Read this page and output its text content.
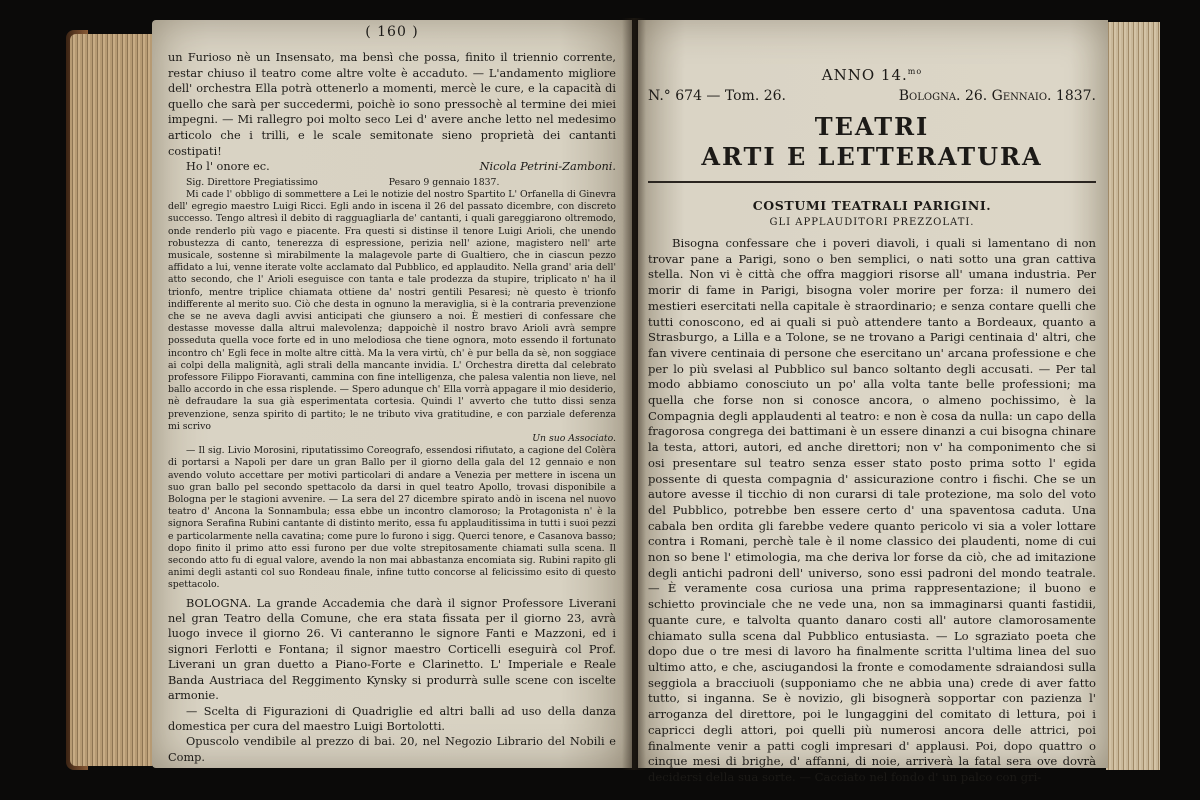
( 160 )

un Furioso nè un Insensato, ma bensì che possa, finito il triennio corrente, restar chiuso il teatro come altre volte è accaduto. — L'andamento migliore dell' orchestra Ella potrà ottenerlo a momenti, mercè le cure, e la capacità di quello che sarà per succedermi, poichè io sono pressochè al termine dei miei impegni. — Mi rallegro poi molto seco Lei d' avere anche letto nel medesimo articolo che i trilli, e le scale semitonate sieno proprietà dei cantanti costipati!

Ho l' onore ec.	Nicola Petrini-Zamboni.

Sig. Direttore Pregiatissimo                        Pesaro 9 gennaio 1837.

Mi cade l' obbligo di sommettere a Lei le notizie del nostro Spartito L' Orfanella di Ginevra dell' egregio maestro Luigi Ricci. Egli ando in iscena il 26 del passato dicembre, con discreto successo. Tengo altresì il debito di ragguagliarla de' cantanti, i quali gareggiarono oltremodo, onde renderlo più vago e piacente. Fra questi si distinse il tenore Luigi Arioli, che unendo robustezza di canto, tenerezza di espressione, perizia nell' azione, magistero nell' arte musicale, sostenne sì mirabilmente la malagevole parte di Gualtiero, che in ciascun pezzo affidato a lui, venne iterate volte acclamato dal Pubblico, ed applaudito. Nella grand' aria dell' atto secondo, che l' Arioli eseguisce con tanta e tale prodezza da stupire, triplicato n' ha il trionfo, mentre triplice chiamata ottiene da' nostri gentili Pesaresi; nè questo è trionfo indifferente al merito suo. Ciò che desta in ognuno la meraviglia, si è la contraria prevenzione che se ne aveva dagli avvisi anticipati che giunsero a noi. È mestieri di confessare che destasse movesse dalla altrui malevolenza; dappoichè il nostro bravo Arioli avrà sempre posseduta quella voce forte ed in uno melodiosa che tiene ognora, moto essendo il fortunato incontro ch' Egli fece in molte altre città. Ma la vera virtù, ch' è pur bella da sè, non soggiace ai colpi della malignità, agli strali della mancante invidia. L' Orchestra diretta dal celebrato professore Filippo Fioravanti, cammina con fine intelligenza, che palesa valentia non lieve, nel ballo accordo in che essa risplende. — Spero adunque ch' Ella vorrà appagare il mio desiderio, nè defraudare la sua già esperimentata cortesia. Quindi l' avverto che tutto dissi senza prevenzione, senza spirito di partito; le ne tributo viva gratitudine, e con parziale deferenza mi scrivo

Un suo Associato.

— Il sig. Livio Morosini, riputatissimo Coreografo, essendosi rifiutato, a cagione del Colèra di portarsi a Napoli per dare un gran Ballo per il giorno della gala del 12 gennaio e non avendo voluto accettare per motivi particolari di andare a Venezia per mettere in iscena un suo gran ballo pel secondo spettacolo da darsi in quel teatro Apollo, trovasi disponibile a Bologna per le stagioni avvenire. — La sera del 27 dicembre spirato andò in iscena nel nuovo teatro d' Ancona la Sonnambula; essa ebbe un incontro clamoroso; la Protagonista n' è la signora Serafina Rubini cantante di distinto merito, essa fu applauditissima in tutti i suoi pezzi e particolarmente nella cavatina; come pure lo furono i sigg. Querci tenore, e Casanova basso; dopo finito il primo atto essi furono per due volte strepitosamente chiamati sulla scena. Il secondo atto fu di egual valore, avendo la non mai abbastanza encomiata sig. Rubini rapito gli animi degli astanti col suo Rondeau finale, infine tutto concorse al felicissimo esito di questo spettacolo.

BOLOGNA. La grande Accademia che darà il signor Professore Liverani nel gran Teatro della Comune, che era stata fissata per il giorno 23, avrà luogo invece il giorno 26. Vi canteranno le signore Fanti e Mazzoni, ed i signori Ferlotti e Fontana; il signor maestro Corticelli eseguirà col Prof. Liverani un gran duetto a Piano-Forte e Clarinetto. L' Imperiale e Reale Banda Austriaca del Reggimento Kynsky si produrrà sulle scene con iscelte armonie.

— Scelta di Figurazioni di Quadriglie ed altri balli ad uso della danza domestica per cura del maestro Luigi Bortolotti.

Opuscolo vendibile al prezzo di bai. 20, nel Negozio Librario del Nobili e Comp.

ANNO 14.$^{mo}$
N.° 674 — Tom. 26.	Bologna. 26. Gennaio. 1837.
TEATRI
ARTI E LETTERATURA
COSTUMI TEATRALI PARIGINI.
GLI APPLAUDITORI PREZZOLATI.

Bisogna confessare che i poveri diavoli, i quali si lamentano di non trovar pane a Parigi, sono o ben semplici, o nati sotto una gran cattiva stella. Non vi è città che offra maggiori risorse all' umana industria. Per morir di fame in Parigi, bisogna voler morire per forza: il numero dei mestieri esercitati nella capitale è straordinario; e senza contare quelli che tutti conoscono, ed ai quali si può attendere tanto a Bordeaux, quanto a Strasburgo, a Lilla e a Tolone, se ne trovano a Parigi centinaia d' altri, che fan vivere centinaia di persone che esercitano un' arcana professione e che per lo più svelasi al Pubblico sul banco soltanto degli accusati. — Per tal modo abbiamo conosciuto un po' alla volta tante belle professioni; ma quella che forse non si conosce ancora, o almeno pochissimo, è la Compagnia degli applaudenti al teatro: e non è cosa da nulla: un capo della fragorosa congrega dei battimani è un essere dinanzi a cui bisogna chinare la testa, attori, autori, ed anche direttori; non v' ha componimento che si osi presentare sul teatro senza esser stato posto prima sotto l' egida possente di questa compagnia d' assicurazione contro i fischi. Che se un autore avesse il ticchio di non curarsi di tale protezione, ma solo del voto del Pubblico, potrebbe ben essere certo d' una spaventosa caduta. Una cabala ben ordita gli farebbe vedere quanto pericolo vi sia a voler lottare contra i Romani, perchè tale è il nome classico dei plaudenti, nome di cui non so bene l' etimologia, ma che deriva lor forse da ciò, che ad imitazione degli antichi padroni dell' universo, sono essi padroni del mondo teatrale. — È veramente cosa curiosa una prima rappresentazione; il buono e schietto provinciale che ne vede una, non sa immaginarsi quanti fastidii, quante cure, e talvolta quanto danaro costi all' autore clamorosamente chiamato sulla scena dal Pubblico entusiasta. — Lo sgraziato poeta che dopo due o tre mesi di lavoro ha finalmente scritta l'ultima linea del suo ultimo atto, e che, asciugandosi la fronte e comodamente sdraiandosi sulla seggiola a bracciuoli (supponiamo che ne abbia una) crede di aver fatto tutto, si inganna. Se è novizio, gli bisognerà sopportar con pazienza l' arroganza del direttore, poi le lungaggini del comitato di lettura, poi i capricci degli attori, poi quelli più numerosi ancora delle attrici, poi finalmente venir a patti cogli impresari d' applausi. Poi, dopo quattro o cinque mesi di brighe, d' affanni, di noie, arriverà la fatal sera ove dovrà decidersi della sua sorte. — Cacciato nel fondo d' un palco con gri-
